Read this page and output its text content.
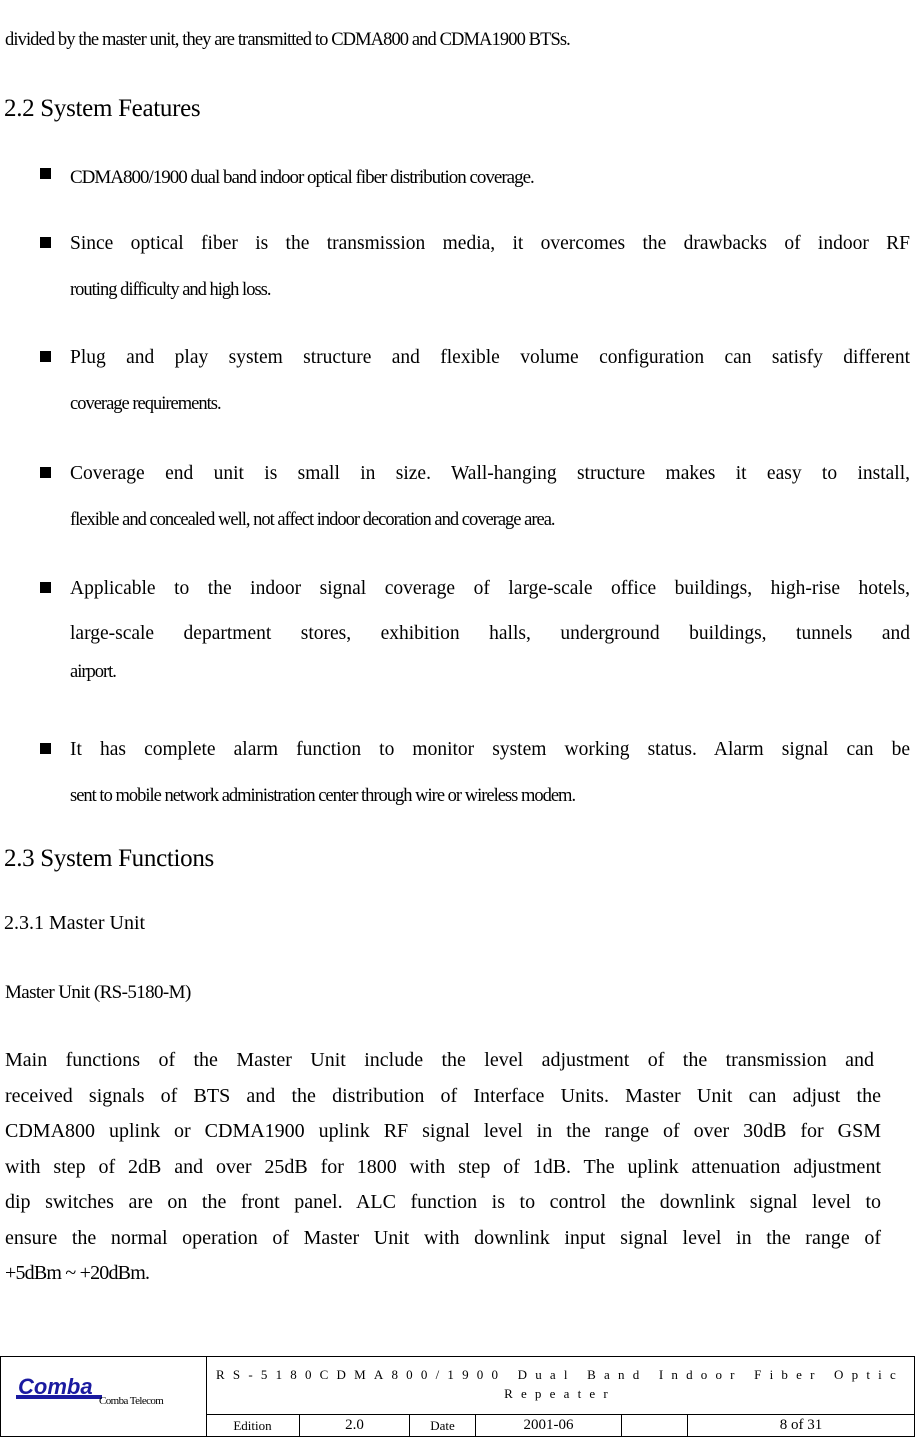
divided by the master unit, they are transmitted to CDMA800 and CDMA1900 BTSs.
2.2 System Features
CDMA800/1900 dual band indoor optical fiber distribution coverage.
Since optical fiber is the transmission media, it overcomes the drawbacks of indoor RF
routing difficulty and high loss.
Plug and play system structure and flexible volume configuration can satisfy different
coverage requirements.
Coverage end unit is small in size. Wall-hanging structure makes it easy to install,
flexible and concealed well, not affect indoor decoration and coverage area.
Applicable to the indoor signal coverage of large-scale office buildings, high-rise hotels,
large-scale department stores, exhibition halls, underground buildings, tunnels and
airport.
It has complete alarm function to monitor system working status. Alarm signal can be
sent to mobile network administration center through wire or wireless modem.
2.3 System Functions
2.3.1 Master Unit
Master Unit (RS-5180-M)
Main functions of the Master Unit include the level adjustment of the transmission and
received signals of BTS and the distribution of Interface Units. Master Unit can adjust the
CDMA800 uplink or CDMA1900 uplink RF signal level in the range of over 30dB for GSM
with step of 2dB and over 25dB for 1800 with step of 1dB. The uplink attenuation adjustment
dip switches are on the front panel. ALC function is to control the downlink signal level to
ensure the normal operation of Master Unit with downlink input signal level in the range of
+5dBm ~ +20dBm.
Comba
Comba Telecom
RS-5180CDMA800/1900 Dual Band Indoor Fiber Optic
Repeater
Edition	2.0	Date	2001-06	8 of 31
